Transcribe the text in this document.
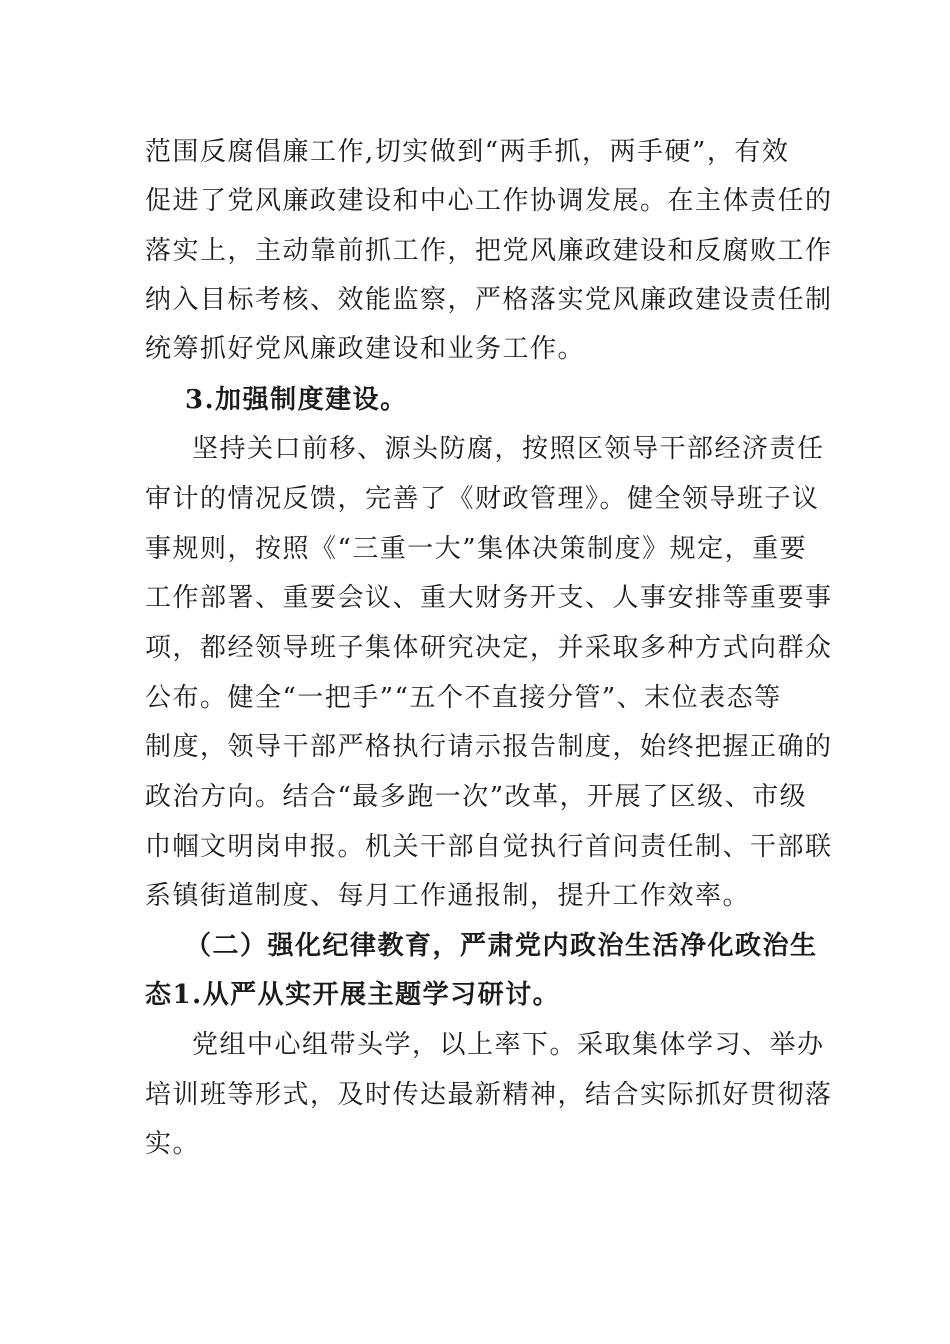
范围反腐倡廉工作,切实做到“两手抓，两手硬”，有效
促进了党风廉政建设和中心工作协调发展。在主体责任的
落实上，主动靠前抓工作，把党风廉政建设和反腐败工作
纳入目标考核、效能监察，严格落实党风廉政建设责任制
统筹抓好党风廉政建设和业务工作。
3.加强制度建设。
坚持关口前移、源头防腐，按照区领导干部经济责任
审计的情况反馈，完善了《财政管理》。健全领导班子议
事规则，按照《“三重一大”集体决策制度》规定，重要
工作部署、重要会议、重大财务开支、人事安排等重要事
项，都经领导班子集体研究决定，并采取多种方式向群众
公布。健全“一把手”“五个不直接分管”、末位表态等
制度，领导干部严格执行请示报告制度，始终把握正确的
政治方向。结合“最多跑一次”改革，开展了区级、市级
巾帼文明岗申报。机关干部自觉执行首问责任制、干部联
系镇街道制度、每月工作通报制，提升工作效率。
（二）强化纪律教育，严肃党内政治生活净化政治生
态1.从严从实开展主题学习研讨。
党组中心组带头学，以上率下。采取集体学习、举办
培训班等形式，及时传达最新精神，结合实际抓好贯彻落
实。
